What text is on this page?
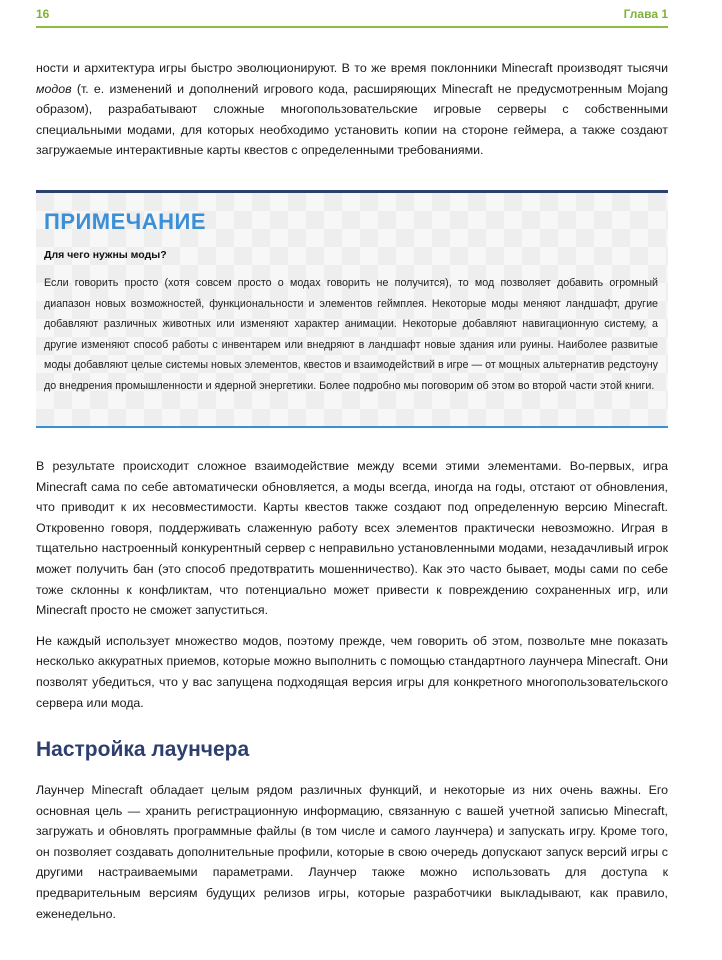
16	Глава 1

ности и архитектура игры быстро эволюционируют. В то же время поклонники Minecraft производят тысячи модов (т. е. изменений и дополнений игрового кода, расширяющих Minecraft не предусмотренным Mojang образом), разрабатывают сложные многопользовательские игровые серверы с собственными специальными модами, для которых необходимо установить копии на стороне геймера, а также создают загружаемые интерактивные карты квестов с определенными требованиями.

ПРИМЕЧАНИЕ
Для чего нужны моды?
Если говорить просто (хотя совсем просто о модах говорить не получится), то мод позволяет добавить огромный диапазон новых возможностей, функциональности и элементов геймплея. Некоторые моды меняют ландшафт, другие добавляют различных животных или изменяют характер анимации. Некоторые добавляют навигационную систему, а другие изменяют способ работы с инвентарем или внедряют в ландшафт новые здания или руины. Наиболее развитые моды добавляют целые системы новых элементов, квестов и взаимодействий в игре — от мощных альтернатив редстоуну до внедрения промышленности и ядерной энергетики. Более подробно мы поговорим об этом во второй части этой книги.

В результате происходит сложное взаимодействие между всеми этими элементами. Во-первых, игра Minecraft сама по себе автоматически обновляется, а моды всегда, иногда на годы, отстают от обновления, что приводит к их несовместимости. Карты квестов также создают под определенную версию Minecraft. Откровенно говоря, поддерживать слаженную работу всех элементов практически невозможно. Играя в тщательно настроенный конкурентный сервер с неправильно установленными модами, незадачливый игрок может получить бан (это способ предотвратить мошенничество). Как это часто бывает, моды сами по себе тоже склонны к конфликтам, что потенциально может привести к повреждению сохраненных игр, или Minecraft просто не сможет запуститься.

Не каждый использует множество модов, поэтому прежде, чем говорить об этом, позвольте мне показать несколько аккуратных приемов, которые можно выполнить с помощью стандартного лаунчера Minecraft. Они позволят убедиться, что у вас запущена подходящая версия игры для конкретного многопользовательского сервера или мода.

Настройка лаунчера

Лаунчер Minecraft обладает целым рядом различных функций, и некоторые из них очень важны. Его основная цель — хранить регистрационную информацию, связанную с вашей учетной записью Minecraft, загружать и обновлять программные файлы (в том числе и самого лаунчера) и запускать игру. Кроме того, он позволяет создавать дополнительные профили, которые в свою очередь допускают запуск версий игры с другими настраиваемыми параметрами. Лаунчер также можно использовать для доступа к предварительным версиям будущих релизов игры, которые разработчики выкладывают, как правило, еженедельно.
